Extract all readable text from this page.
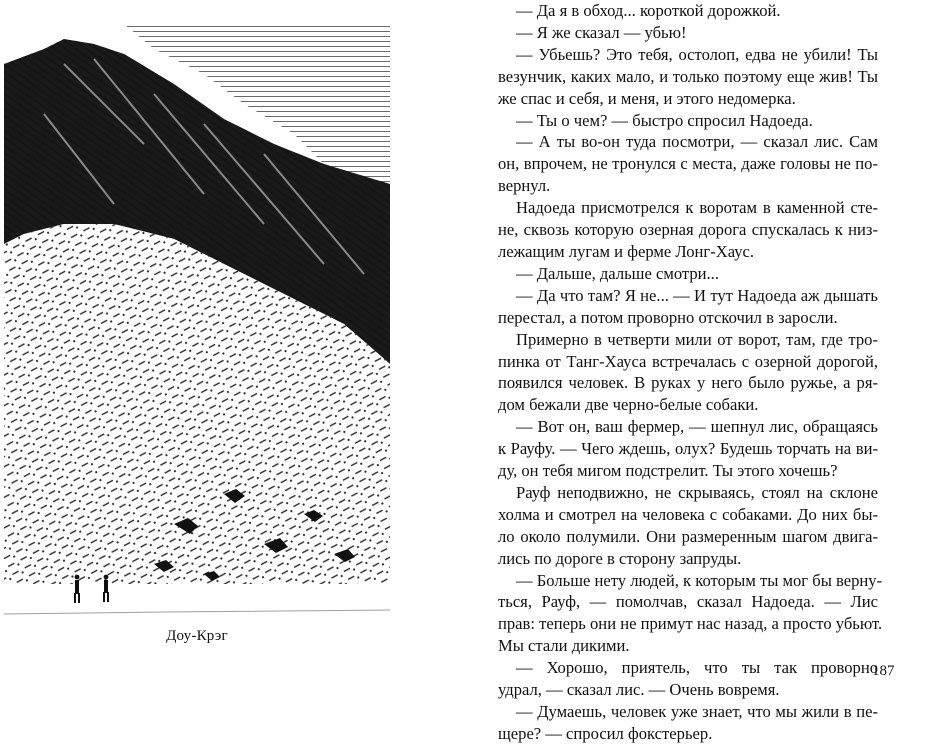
Доу-Крэг
— Да я в обход... короткой дорожкой.
— Я же сказал — убью!
— Убьешь? Это тебя, остолоп, едва не убили! Ты
везунчик, каких мало, и только поэтому еще жив! Ты
же спас и себя, и меня, и этого недомерка.
— Ты о чем? — быстро спросил Надоеда.
— А ты во-он туда посмотри, — сказал лис. Сам
он, впрочем, не тронулся с места, даже головы не по-
вернул.
Надоеда присмотрелся к воротам в каменной сте-
не, сквозь которую озерная дорога спускалась к низ-
лежащим лугам и ферме Лонг-Хаус.
— Дальше, дальше смотри...
— Да что там? Я не... — И тут Надоеда аж дышать
перестал, а потом проворно отскочил в заросли.
Примерно в четверти мили от ворот, там, где тро-
пинка от Танг-Хауса встречалась с озерной дорогой,
появился человек. В руках у него было ружье, а ря-
дом бежали две черно-белые собаки.
— Вот он, ваш фермер, — шепнул лис, обращаясь
к Рауфу. — Чего ждешь, олух? Будешь торчать на ви-
ду, он тебя мигом подстрелит. Ты этого хочешь?
Рауф неподвижно, не скрываясь, стоял на склоне
холма и смотрел на человека с собаками. До них бы-
ло около полумили. Они размеренным шагом двига-
лись по дороге в сторону запруды.
— Больше нету людей, к которым ты мог бы верну-
ться, Рауф, — помолчав, сказал Надоеда. — Лис
прав: теперь они не примут нас назад, а просто убьют.
Мы стали дикими.
— Хорошо, приятель, что ты так проворно
удрал, — сказал лис. — Очень вовремя.
— Думаешь, человек уже знает, что мы жили в пе-
щере? — спросил фокстерьер.
187
